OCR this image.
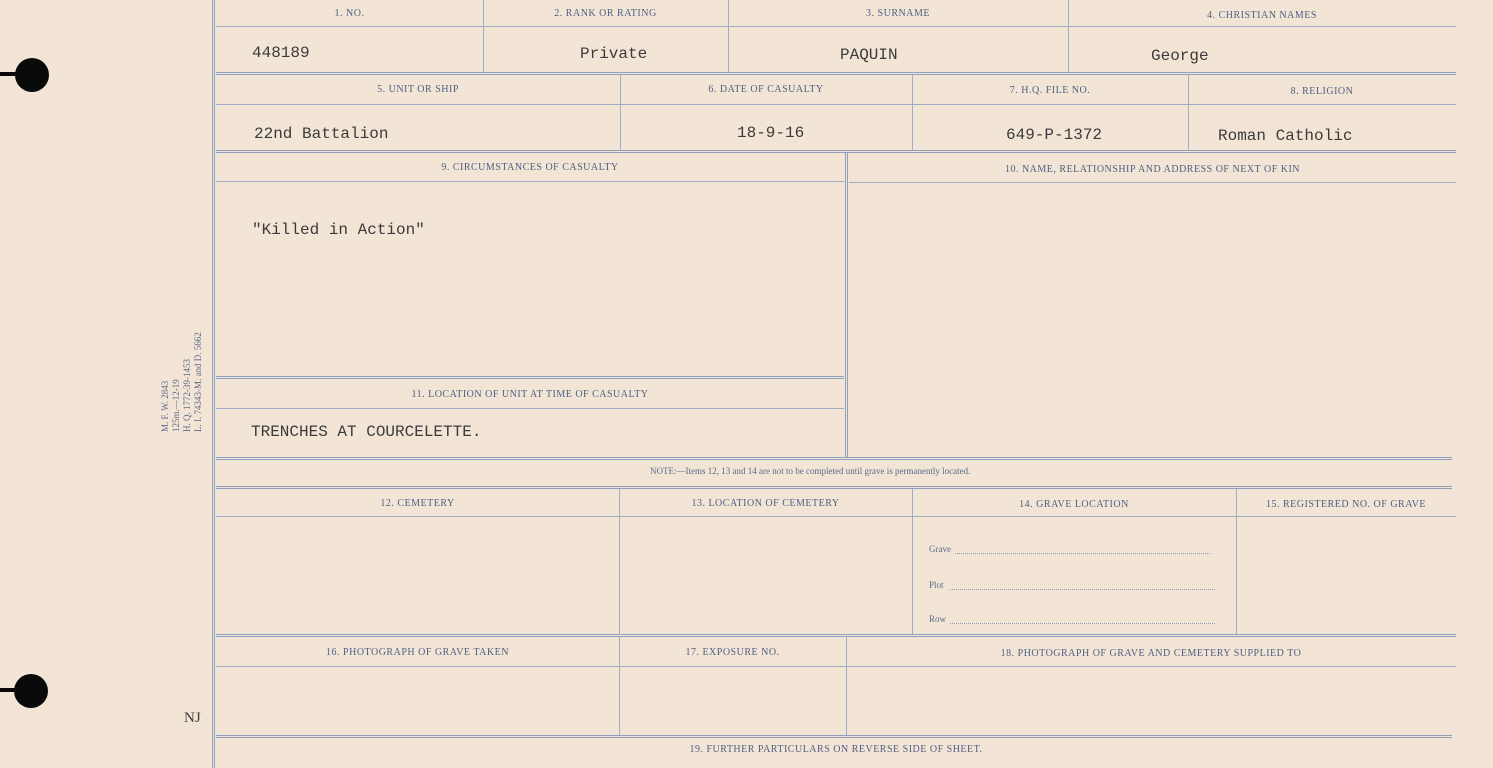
M. F. W. 2843 125m.—12-19 H. Q. 1772-39-1453 L. I. 74343-M. and D. 5662
NJ
1. NO.	2. RANK OR RATING	3. SURNAME	4. CHRISTIAN NAMES
448189	Private	PAQUIN	George
5. UNIT OR SHIP	6. DATE OF CASUALTY	7. H.Q. FILE NO.	8. RELIGION
22nd Battalion	18-9-16	649-P-1372	Roman Catholic
9. CIRCUMSTANCES OF CASUALTY	10. NAME, RELATIONSHIP AND ADDRESS OF NEXT OF KIN
"Killed in Action"
11. LOCATION OF UNIT AT TIME OF CASUALTY
TRENCHES AT COURCELETTE.
NOTE:—Items 12, 13 and 14 are not to be completed until grave is permanently located.
12. CEMETERY	13. LOCATION OF CEMETERY	14. GRAVE LOCATION	15. REGISTERED NO. OF GRAVE
Grave
Plot
Row
16. PHOTOGRAPH OF GRAVE TAKEN	17. EXPOSURE NO.	18. PHOTOGRAPH OF GRAVE AND CEMETERY SUPPLIED TO
19. FURTHER PARTICULARS ON REVERSE SIDE OF SHEET.
